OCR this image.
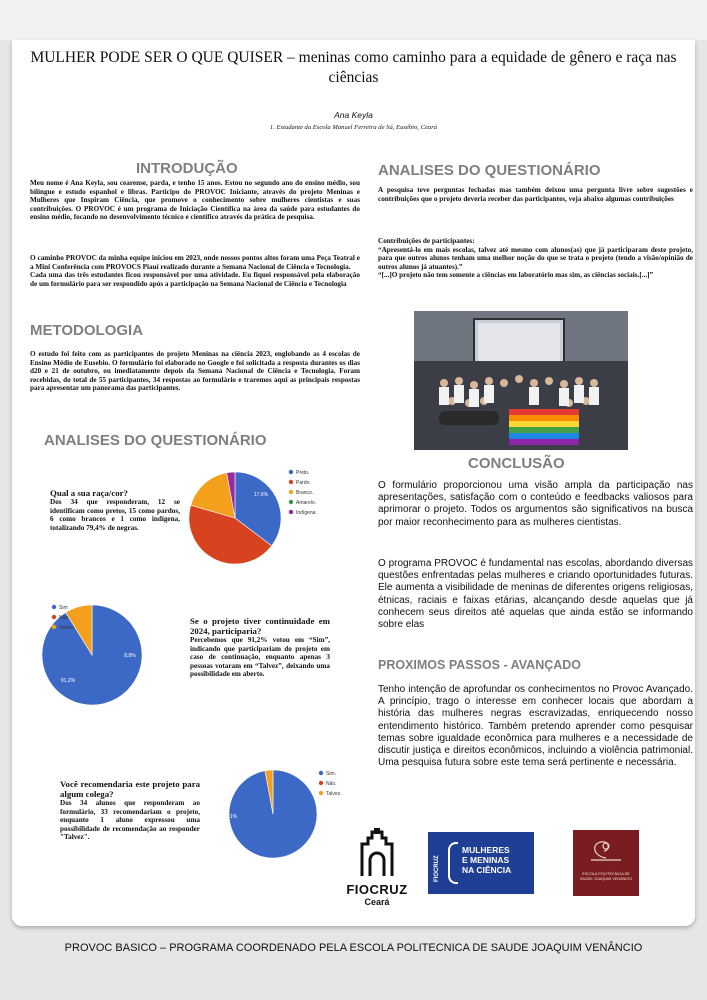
MULHER PODE SER O QUE QUISER – meninas como caminho para a equidade de gênero e raça nas ciências
Ana Keyla
1. Estudante da Escola Manuel Ferreira de Sá, Eusébio, Ceará
INTRODUÇÃO
Meu nome é Ana Keyla, sou cearense, parda, e tenho 15 anos. Estou no segundo ano do ensino médio, sou bilíngue e estudo espanhol e libras. Participo do PROVOC Iniciante, através do projeto Meninas e Mulheres que Inspiram Ciência, que promove o conhecimento sobre mulheres cientistas e suas contribuições. O PROVOC é um programa de Iniciação Científica na área da saúde para estudantes do ensino médio, focando no desenvolvimento técnico e científico através da prática de pesquisa.
O caminho PROVOC da minha equipe iniciou em 2023, onde nossos pontos altos foram uma Peça Teatral e a Mini Conferência com PROVOCS Piauí realizado durante a Semana Nacional de Ciência e Tecnologia.
Cada uma das três estudantes ficou responsável por uma atividade. Eu fiquei responsável pela elaboração de um formulário para ser respondido após a participação na Semana Nacional de Ciência e Tecnologia
METODOLOGIA
O estudo foi feito com as participantes do projeto Meninas na ciência 2023, englobando as 4 escolas de Ensino Médio de Eusebio. O formulário foi elaborado no Google e foi solicitada a resposta durantes os dias d20 e 21 de outubro, ou imediatamente depois da Semana Nacional de Ciência e Tecnologia. Foram recebidas, do total de 55 participantes, 34 respostas ao formulário e traremos aqui as principais respostas para apresentar um panorama das participantes.
ANALISES DO QUESTIONÁRIO
Qual a sua raça/cor?
Dos 34 que responderam, 12 se identificam como pretos, 15 como pardos, 6 como brancos e 1 como indígena, totalizando 79,4% de negras.
17,6%
Preto.
Pardo.
Branco.
Amarelo.
Indígena.
91,2%
8,8%
Sim
Não
Talvez.
Se o projeto tiver continuidade em 2024, participaria?
Percebemos que 91,2% votou em “Sim”, indicando que participariam do projeto em caso de continuação, enquanto apenas 3 pessoas votaram em “Talvez”, deixando uma possibilidade em aberto.
Você recomendaria este projeto para algum colega?
Dos 34 alunos que responderam ao formulário, 33 recomendariam o projeto, enquanto 1 aluno expressou uma possibilidade de recomendação ao responder "Talvez".
97,1%
Sim.
Não.
Talvez.
ANALISES DO QUESTIONÁRIO
A pesquisa teve perguntas fechadas mas também deixou uma pergunta livre sobre sugestões e contribuições que o projeto deveria receber das participantes, veja abaixo algumas contribuições
Contribuições de participantes:
“Apresentá-lo em mais escolas, talvez até mesmo com alunos(as) que já participaram deste projeto, para que outros alunos tenham uma melhor noção do que se trata o projeto (tendo a visão/opinião de outros alunos já atuantes).”
“[...]O projeto não tem somente a ciências em laboratório mas sim, as ciências sociais.[...]”
CONCLUSÃO
O formulário proporcionou uma visão ampla da participação nas apresentações, satisfação com o conteúdo e feedbacks valiosos para aprimorar o projeto. Todos os argumentos são significativos na busca por maior reconhecimento para as mulheres cientistas.
O programa PROVOC é fundamental nas escolas, abordando diversas questões enfrentadas pelas mulheres e criando oportunidades futuras. Ele aumenta a visibilidade de meninas de diferentes origens religiosas, étnicas, raciais e faixas etárias, alcançando desde aquelas que já conhecem seus direitos até aquelas que ainda estão se informando sobre elas
PROXIMOS PASSOS - AVANÇADO
Tenho intenção de aprofundar os conhecimentos no Provoc Avançado. A princípio, trago o interesse em conhecer locais que abordam a história das mulheres negras escravizadas, enriquecendo nosso entendimento histórico. Também pretendo aprender como pesquisar temas sobre igualdade econômica para mulheres e a necessidade de discutir justiça e direitos econômicos, incluindo a violência patrimonial. Uma pesquisa futura sobre este tema será pertinente e necessária.
FIOCRUZ
Ceará
FIOCRUZ
MULHERES
E MENINAS
NA CIÊNCIA	ESCOLA POLITÉCNICA DE SAÚDE JOAQUIM VENÂNCIO
PROVOC BASICO – PROGRAMA COORDENADO PELA ESCOLA POLITECNICA DE SAUDE JOAQUIM VENÂNCIO
